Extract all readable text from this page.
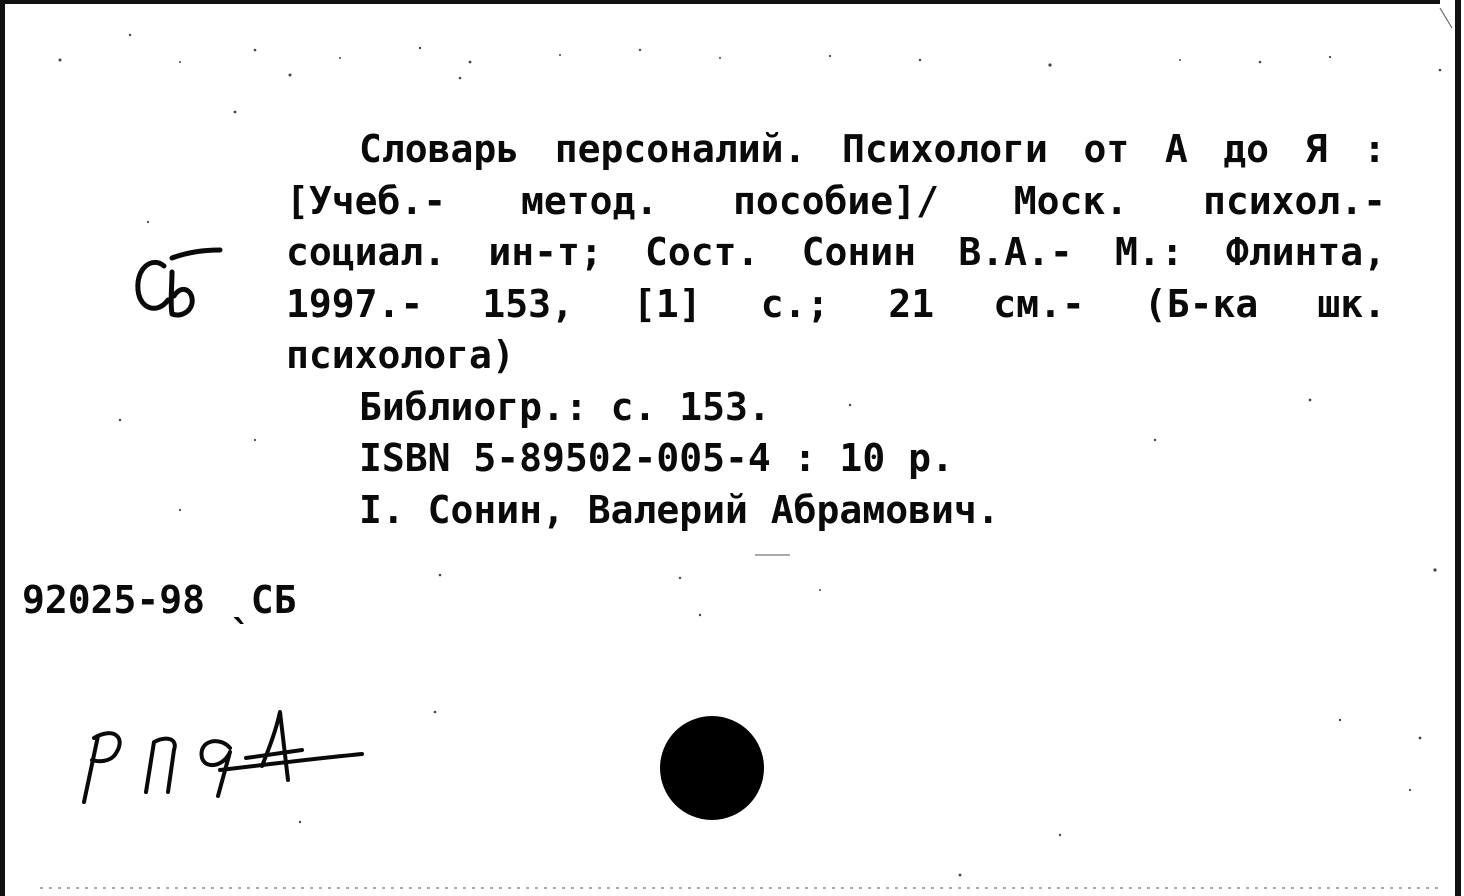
Словарь персоналий. Психологи от А до Я :
[Учеб.- метод. пособие]/ Моск. психол.-
социал. ин-т; Сост. Сонин В.А.- М.: Флинта,
1997.- 153, [1] с.; 21 см.- (Б-ка шк.
психолога)
Библиогр.: с. 153.
ISBN 5-89502-005-4 : 10 р.
I. Сонин, Валерий Абрамович.
92025-98 ˎСБ
